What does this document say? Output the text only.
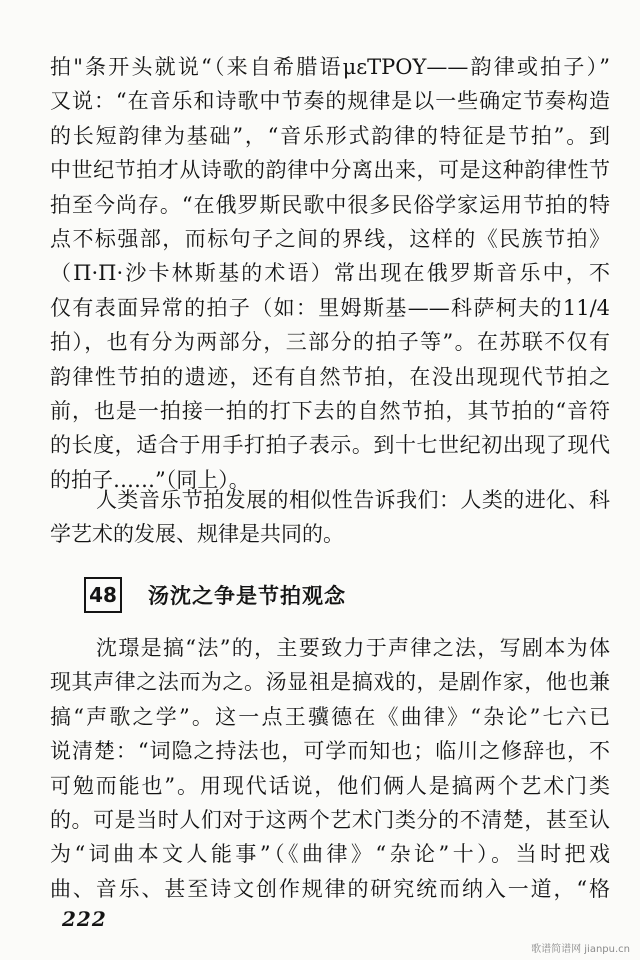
拍"条开头就说“（来自希腊语μεΤΡΟΥ——韵律或拍子）”
又说：“在音乐和诗歌中节奏的规律是以一些确定节奏构造
的长短韵律为基础”，“音乐形式韵律的特征是节拍”。到
中世纪节拍才从诗歌的韵律中分离出来，可是这种韵律性节
拍至今尚存。“在俄罗斯民歌中很多民俗学家运用节拍的特
点不标强部，而标句子之间的界线，这样的《民族节拍》
（П·П·沙卡林斯基的术语）常出现在俄罗斯音乐中，不
仅有表面异常的拍子（如：里姆斯基——科萨柯夫的11/4
拍），也有分为两部分，三部分的拍子等”。在苏联不仅有
韵律性节拍的遗迹，还有自然节拍，在没出现现代节拍之
前，也是一拍接一拍的打下去的自然节拍，其节拍的“音符
的长度，适合于用手打拍子表示。到十七世纪初出现了现代
的拍子……”（同上）。
人类音乐节拍发展的相似性告诉我们：人类的进化、科
学艺术的发展、规律是共同的。
48 汤沈之争是节拍观念
沈璟是搞“法”的，主要致力于声律之法，写剧本为体
现其声律之法而为之。汤显祖是搞戏的，是剧作家，他也兼
搞“声歌之学”。这一点王骥德在《曲律》“杂论”七六已
说清楚：“词隐之持法也，可学而知也；临川之修辞也，不
可勉而能也”。用现代话说，他们俩人是搞两个艺术门类
的。可是当时人们对于这两个艺术门类分的不清楚，甚至认
为“词曲本文人能事”（《曲律》“杂论”十）。当时把戏
曲、音乐、甚至诗文创作规律的研究统而纳入一道，“格
222
歌谱简谱网 jianpu.cn
